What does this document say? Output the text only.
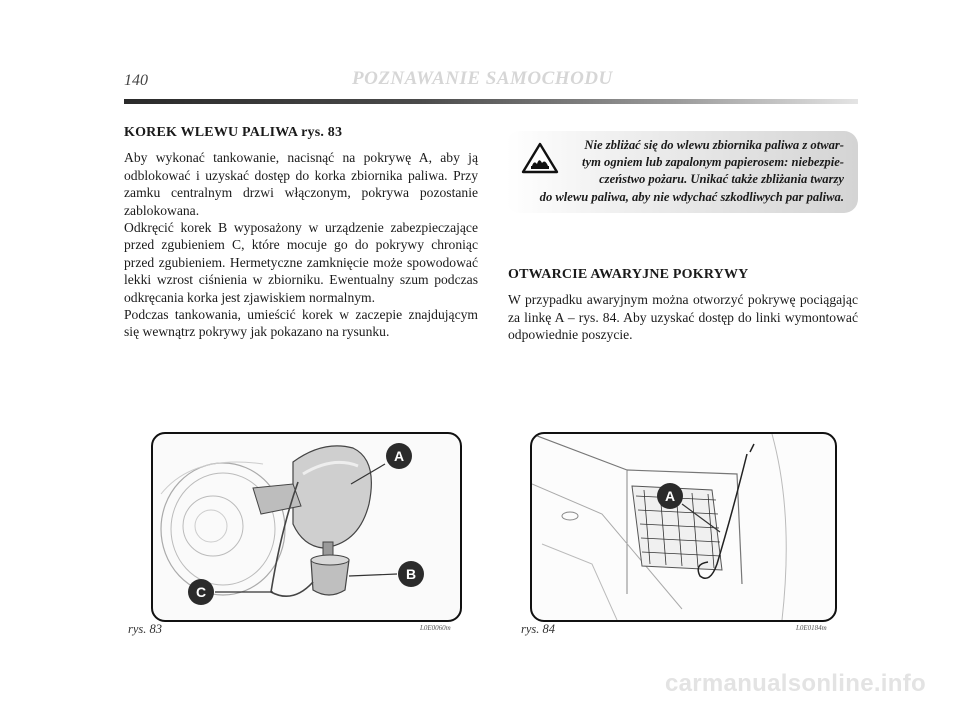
140	POZNAWANIE SAMOCHODU
KOREK WLEWU PALIWA rys. 83

Aby wykonać tankowanie, nacisnąć na pokrywę A, aby ją odblokować i uzyskać dostęp do korka zbiornika paliwa. Przy zamku centralnym drzwi włączonym, pokrywa pozostanie zablokowana.

Odkręcić korek B wyposażony w urządzenie zabezpieczające przed zgubieniem C, które mocuje go do pokrywy chroniąc przed zgubieniem. Hermetyczne zamknięcie może spowodować lekki wzrost ciśnienia w zbiorniku. Ewentualny szum podczas odkręcania korka jest zjawiskiem normalnym.

Podczas tankowania, umieścić korek w zaczepie znajdującym się wewnątrz pokrywy jak pokazano na rysunku.

Nie zbliżać się do wlewu zbiornika paliwa z otwar-
tym ogniem lub zapalonym papierosem: niebezpie-
czeństwo pożaru. Unikać także zbliżania twarzy
do wlewu paliwa, aby nie wdychać szkodliwych par paliwa.
OTWARCIE AWARYJNE POKRYWY

W przypadku awaryjnym można otworzyć pokrywę pociągając za linkę A – rys. 84. Aby uzyskać dostęp do linki wymontować odpowiednie poszycie.

A
B
C
rys. 83	L0E0060m
A
rys. 84	L0E0184m
carmanualsonline.info
